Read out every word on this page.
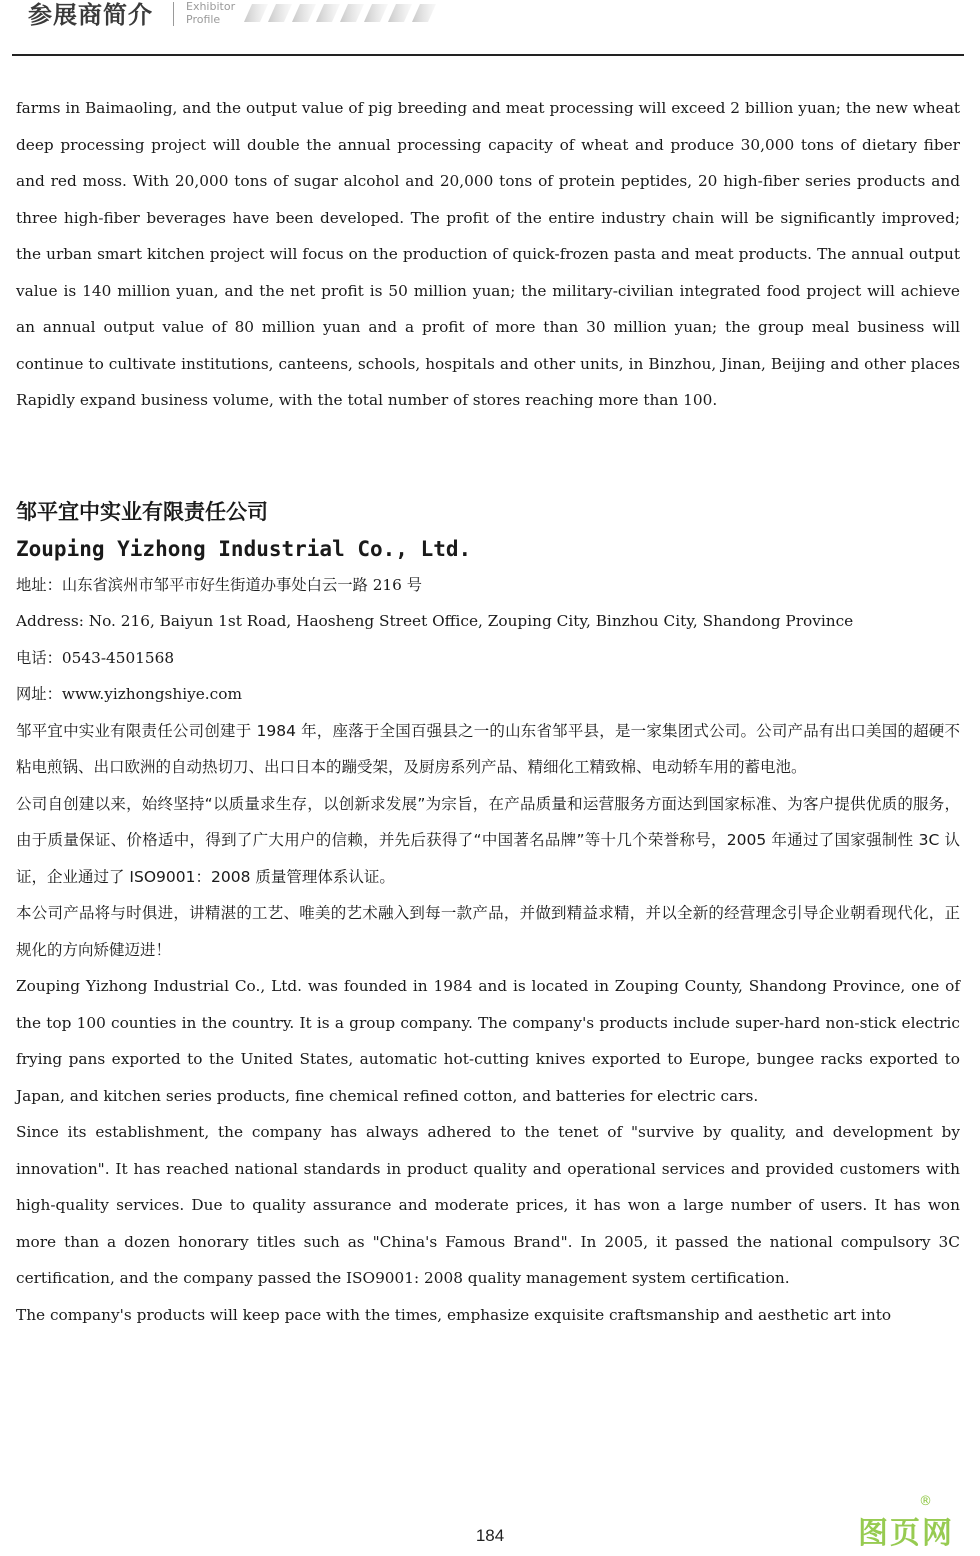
参展商简介	Exhibitor
Profile

farms in Baimaoling, and the output value of pig breeding and meat processing will exceed 2 billion yuan; the new wheat deep processing project will double the annual processing capacity of wheat and produce 30,000 tons of dietary fiber and red moss. With 20,000 tons of sugar alcohol and 20,000 tons of protein peptides, 20 high-fiber series products and three high-fiber beverages have been developed. The profit of the entire industry chain will be significantly improved; the urban smart kitchen project will focus on the production of quick-frozen pasta and meat products. The annual output value is 140 million yuan, and the net profit is 50 million yuan; the military-civilian integrated food project will achieve an annual output value of 80 million yuan and a profit of more than 30 million yuan; the group meal business will continue to cultivate institutions, canteens, schools, hospitals and other units, in Binzhou, Jinan, Beijing and other places Rapidly expand business volume, with the total number of stores reaching more than 100.

邹平宜中实业有限责任公司
Zouping Yizhong Industrial Co., Ltd.

地址：山东省滨州市邹平市好生街道办事处白云一路 216 号

Address: No. 216, Baiyun 1st Road, Haosheng Street Office, Zouping City, Binzhou City, Shandong Province

电话：0543-4501568

网址：www.yizhongshiye.com

邹平宜中实业有限责任公司创建于 1984 年，座落于全国百强县之一的山东省邹平县，是一家集团式公司。公司产品有出口美国的超硬不粘电煎锅、出口欧洲的自动热切刀、出口日本的蹦受架，及厨房系列产品、精细化工精致棉、电动轿车用的蓄电池。

公司自创建以来，始终坚持“以质量求生存，以创新求发展”为宗旨，在产品质量和运营服务方面达到国家标准、为客户提供优质的服务，由于质量保证、价格适中，得到了广大用户的信赖，并先后获得了“中国著名品牌”等十几个荣誉称号，2005 年通过了国家强制性 3C 认证，企业通过了 ISO9001：2008 质量管理体系认证。

本公司产品将与时俱进，讲精湛的工艺、唯美的艺术融入到每一款产品，并做到精益求精，并以全新的经营理念引导企业朝看现代化，正规化的方向矫健迈进！

Zouping Yizhong Industrial Co., Ltd. was founded in 1984 and is located in Zouping County, Shandong Province, one of the top 100 counties in the country. It is a group company. The company's products include super-hard non-stick electric frying pans exported to the United States, automatic hot-cutting knives exported to Europe, bungee racks exported to Japan, and kitchen series products, fine chemical refined cotton, and batteries for electric cars.

Since its establishment, the company has always adhered to the tenet of "survive by quality, and development by innovation". It has reached national standards in product quality and operational services and provided customers with high-quality services. Due to quality assurance and moderate prices, it has won a large number of users. It has won more than a dozen honorary titles such as "China's Famous Brand". In 2005, it passed the national compulsory 3C certification, and the company passed the ISO9001: 2008 quality management system certification.

The company's products will keep pace with the times, emphasize exquisite craftsmanship and aesthetic art into

184	图页网
®
